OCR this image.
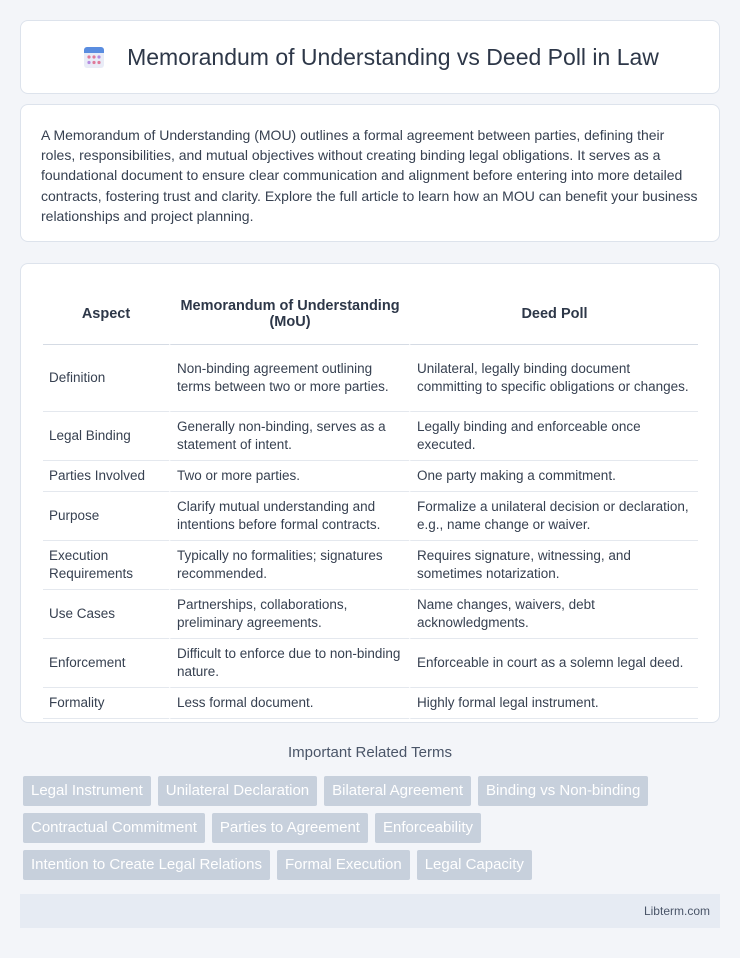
Memorandum of Understanding vs Deed Poll in Law

A Memorandum of Understanding (MOU) outlines a formal agreement between parties, defining their roles, responsibilities, and mutual objectives without creating binding legal obligations. It serves as a foundational document to ensure clear communication and alignment before entering into more detailed contracts, fostering trust and clarity. Explore the full article to learn how an MOU can benefit your business relationships and project planning.

Aspect	Memorandum of Understanding (MoU)	Deed Poll
Definition	Non-binding agreement outlining terms between two or more parties.	Unilateral, legally binding document committing to specific obligations or changes.
Legal Binding	Generally non-binding, serves as a statement of intent.	Legally binding and enforceable once executed.
Parties Involved	Two or more parties.	One party making a commitment.
Purpose	Clarify mutual understanding and intentions before formal contracts.	Formalize a unilateral decision or declaration, e.g., name change or waiver.
Execution Requirements	Typically no formalities; signatures recommended.	Requires signature, witnessing, and sometimes notarization.
Use Cases	Partnerships, collaborations, preliminary agreements.	Name changes, waivers, debt acknowledgments.
Enforcement	Difficult to enforce due to non-binding nature.	Enforceable in court as a solemn legal deed.
Formality	Less formal document.	Highly formal legal instrument.
Important Related Terms
Legal Instrument	Unilateral Declaration	Bilateral Agreement	Binding vs Non-binding
Contractual Commitment	Parties to Agreement	Enforceability
Intention to Create Legal Relations	Formal Execution	Legal Capacity
Libterm.com
